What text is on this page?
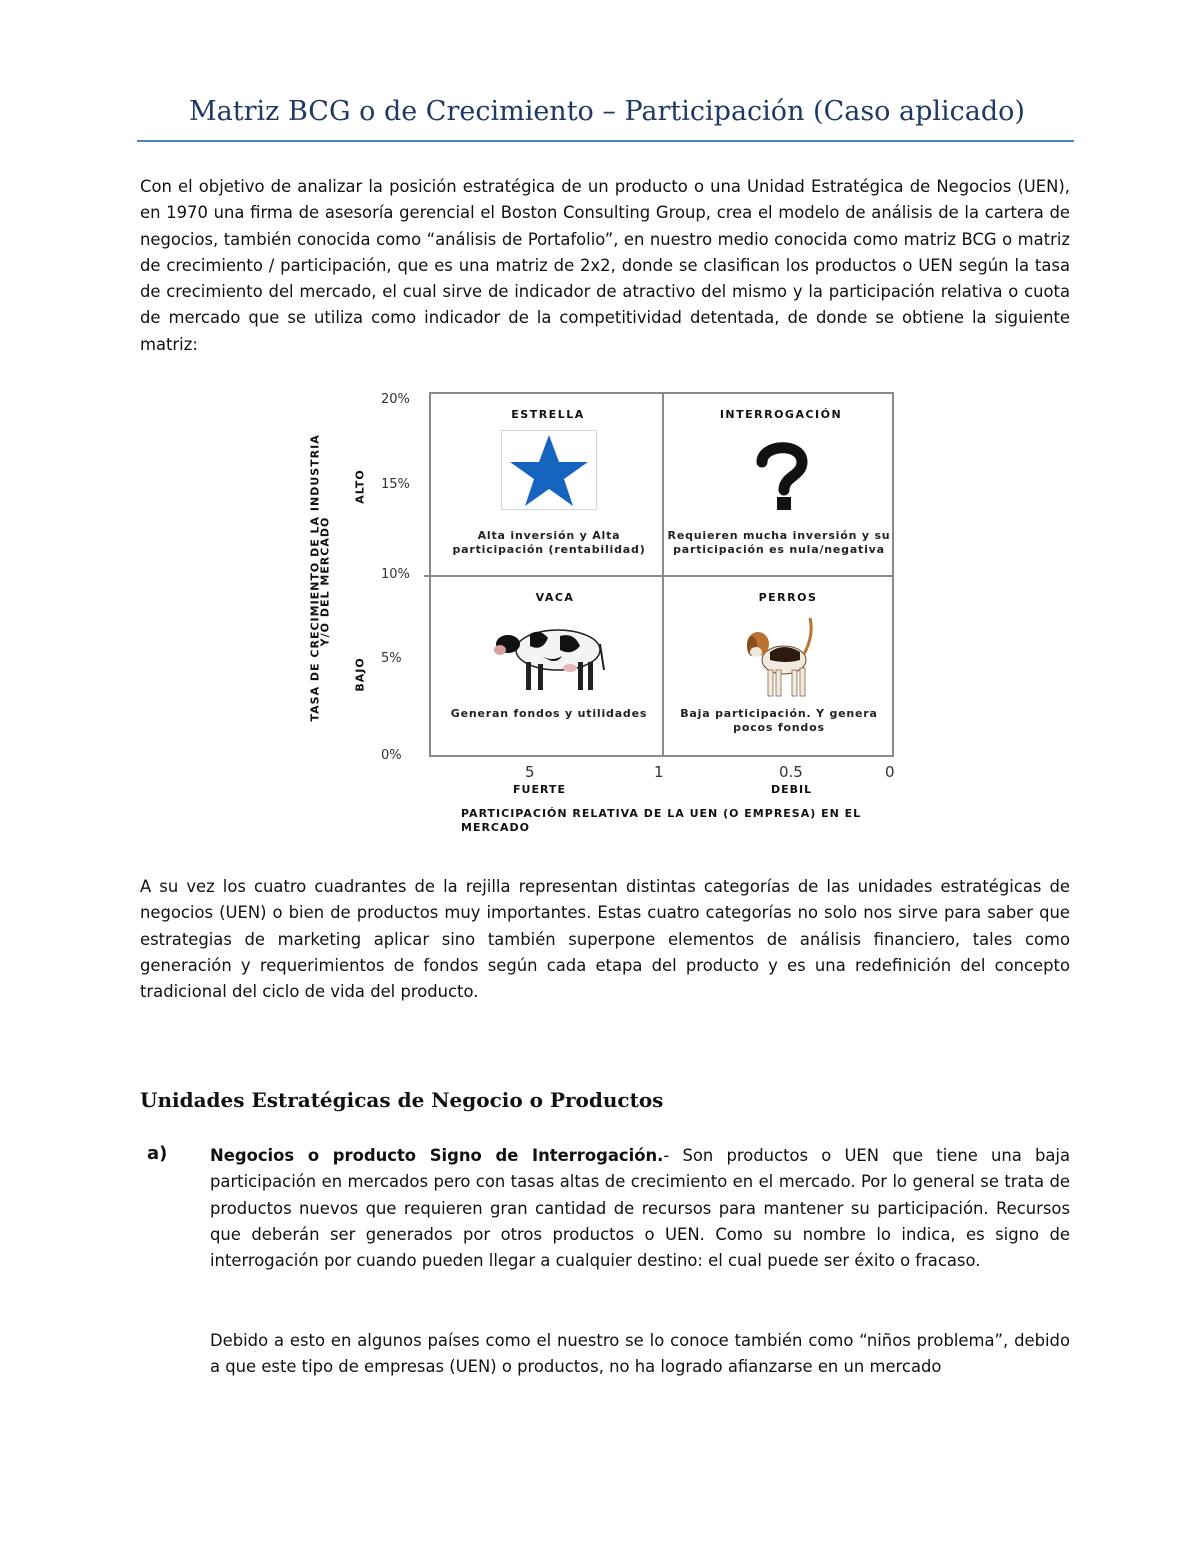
Matriz BCG o de Crecimiento – Participación (Caso aplicado)

Con el objetivo de analizar la posición estratégica de un producto o una Unidad Estratégica de Negocios (UEN), en 1970 una firma de asesoría gerencial el Boston Consulting Group, crea el modelo de análisis de la cartera de negocios, también conocida como “análisis de Portafolio”, en nuestro medio conocida como matriz BCG o matriz de crecimiento / participación, que es una matriz de 2x2, donde se clasifican los productos o UEN según la tasa de crecimiento del mercado, el cual sirve de indicador de atractivo del mismo y la participación relativa o cuota de mercado que se utiliza como indicador de la competitividad detentada, de donde se obtiene la siguiente matriz:

TASA DE CRECIMIENTO DE LA INDUSTRIA
Y/O DEL MERCADO
ALTO
BAJO
20%
15%
10%
5%
0%
ESTRELLA
Alta inversión y Alta participación (rentabilidad)
INTERROGACIÓN
Requieren mucha inversión y su participación es nula/negativa
VACA
Generan fondos y utilidades
PERROS
Baja participación. Y genera pocos fondos
5	1	0.5	0
FUERTE	DEBIL
PARTICIPACIÓN RELATIVA DE LA UEN (O EMPRESA) EN EL MERCADO

A su vez los cuatro cuadrantes de la rejilla representan distintas categorías de las unidades estratégicas de negocios (UEN) o bien de productos muy importantes. Estas cuatro categorías no solo nos sirve para saber que estrategias de marketing aplicar sino también superpone elementos de análisis financiero, tales como generación y requerimientos de fondos según cada etapa del producto y es una redefinición del concepto tradicional del ciclo de vida del producto.

Unidades Estratégicas de Negocio o Productos
a)	Negocios o producto Signo de Interrogación.- Son productos o UEN que tiene una baja participación en mercados pero con tasas altas de crecimiento en el mercado. Por lo general se trata de productos nuevos que requieren gran cantidad de recursos para mantener su participación. Recursos que deberán ser generados por otros productos o UEN. Como su nombre lo indica, es signo de interrogación por cuando pueden llegar a cualquier destino: el cual puede ser éxito o fracaso.

Debido a esto en algunos países como el nuestro se lo conoce también como “niños problema”, debido a que este tipo de empresas (UEN) o productos, no ha logrado afianzarse en un mercado
